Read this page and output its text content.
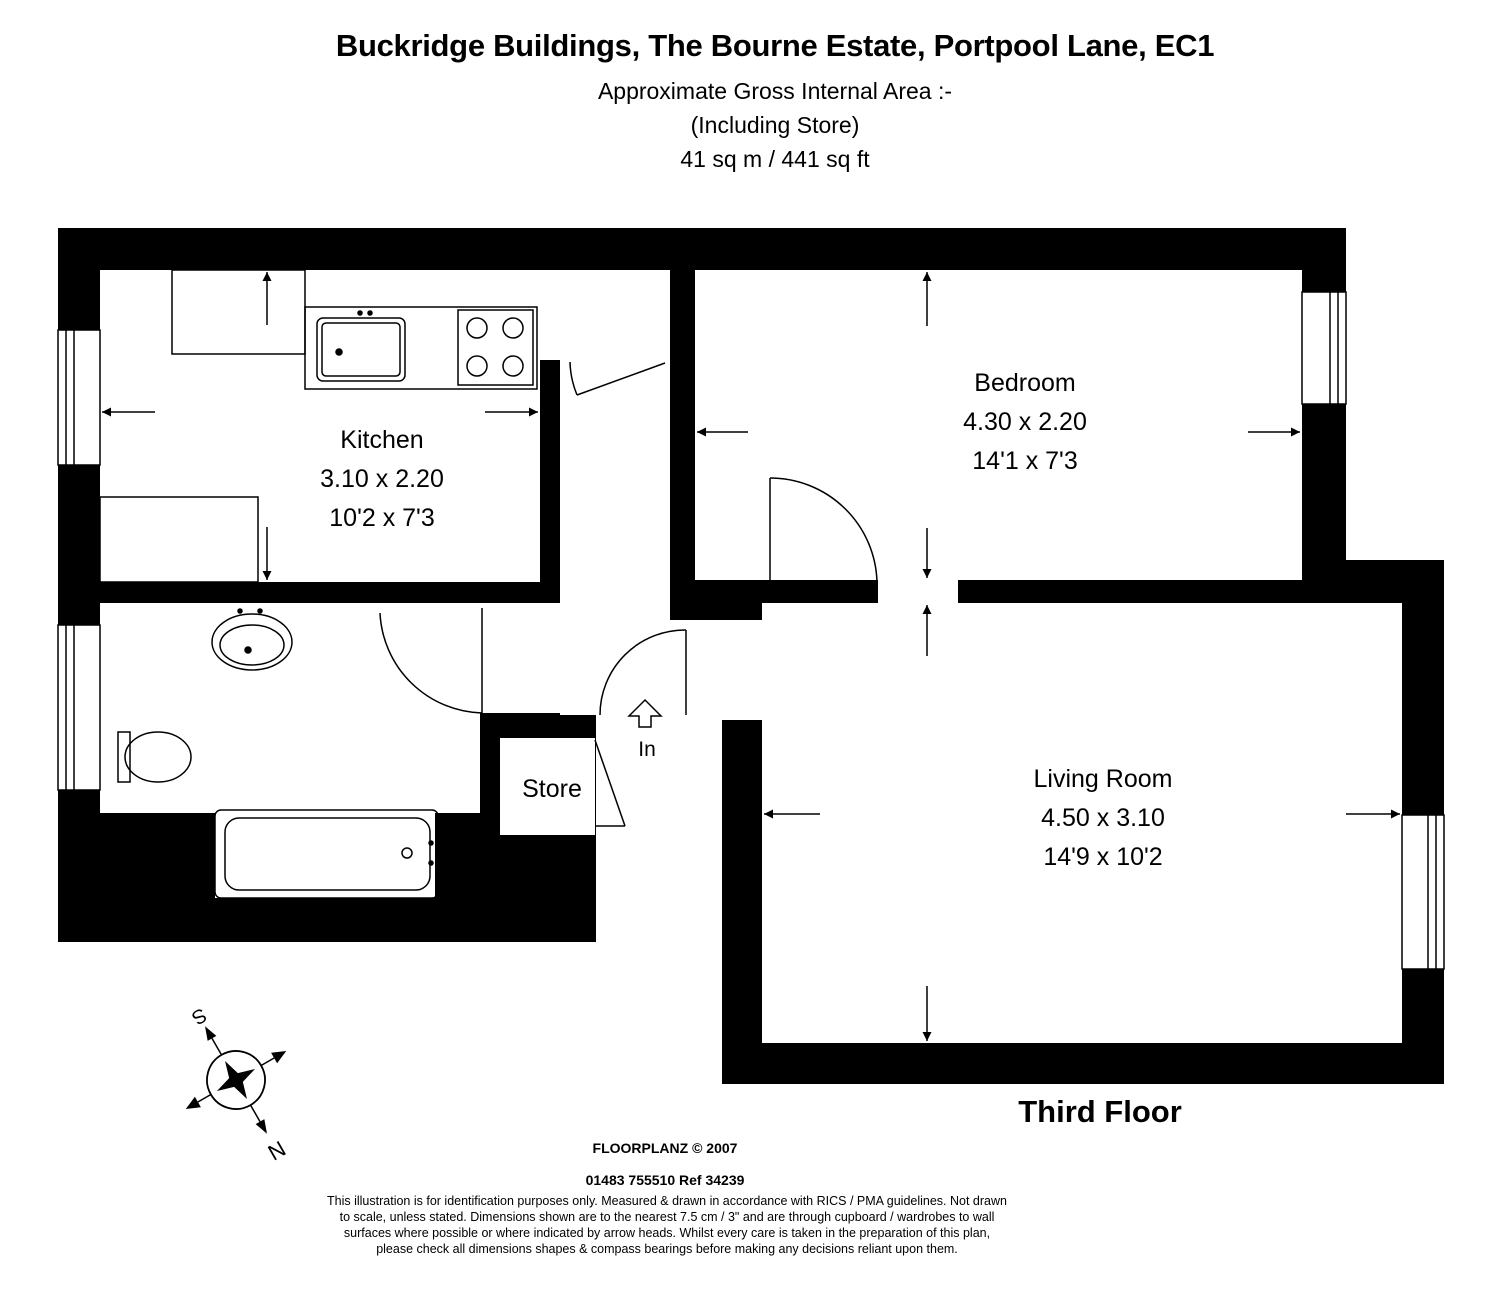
Buckridge Buildings, The Bourne Estate, Portpool Lane, EC1
Approximate Gross Internal Area :-
(Including Store)
41 sq m / 441 sq ft
Kitchen
3.10 x 2.20
10'2 x 7'3
Bedroom
4.30 x 2.20
14'1 x 7'3
Living Room
4.50 x 3.10
14'9 x 10'2
Store
In
S
N
Third Floor
FLOORPLANZ © 2007
01483 755510 Ref 34239
This illustration is for identification purposes only. Measured & drawn in accordance with RICS / PMA guidelines. Not drawn to scale, unless stated. Dimensions shown are to the nearest 7.5 cm / 3" and are through cupboard / wardrobes to wall surfaces where possible or where indicated by arrow heads. Whilst every care is taken in the preparation of this plan, please check all dimensions shapes & compass bearings before making any decisions reliant upon them.
